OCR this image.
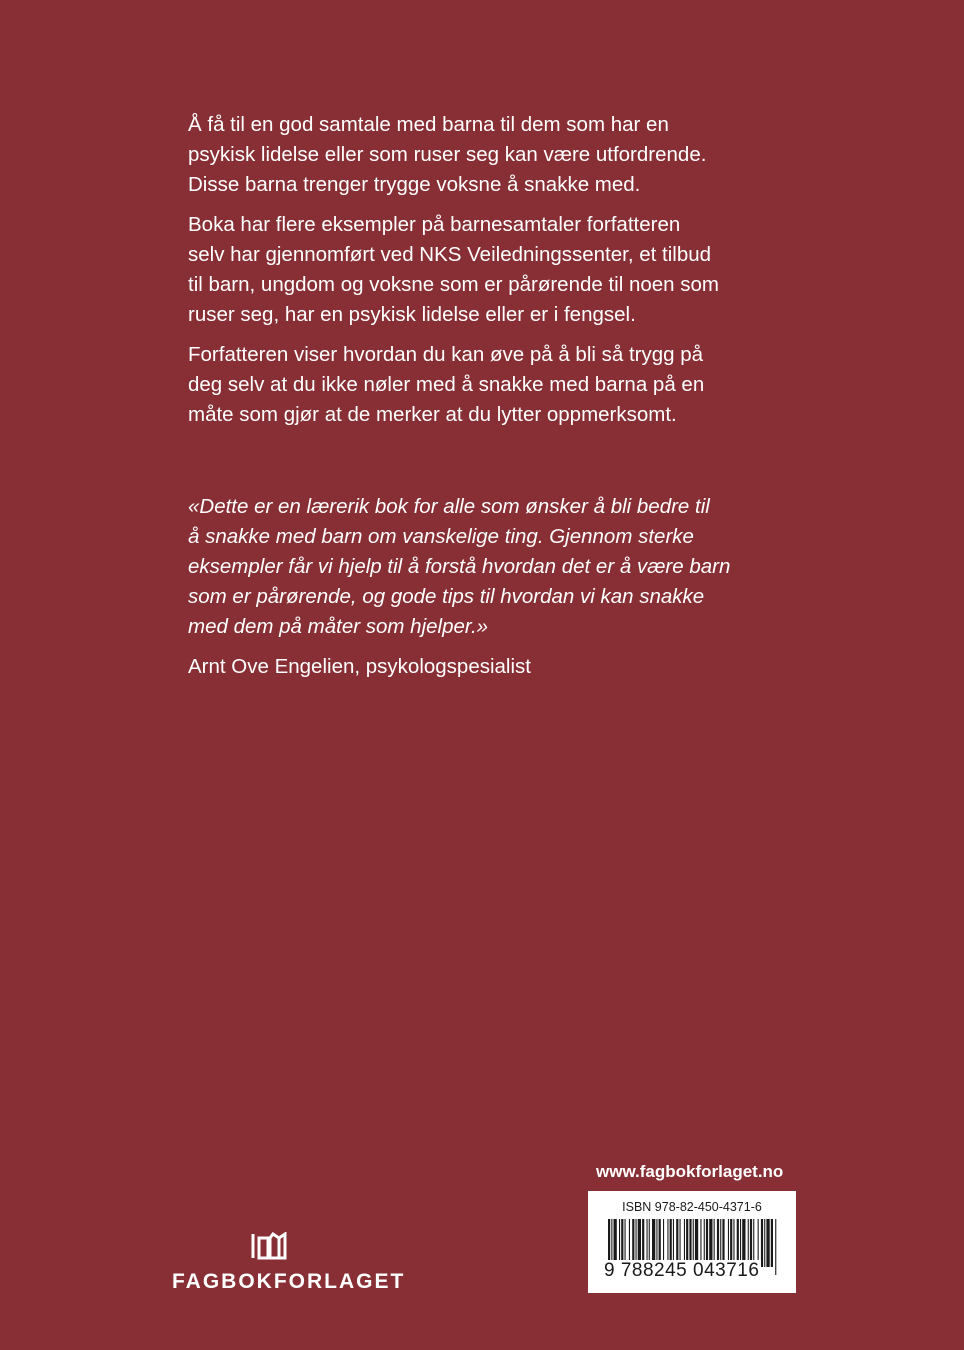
Å få til en god samtale med barna til dem som har en
psykisk lidelse eller som ruser seg kan være utfordrende.
Disse barna trenger trygge voksne å snakke med.

Boka har flere eksempler på barnesamtaler forfatteren
selv har gjennomført ved NKS Veiledningssenter, et tilbud
til barn, ungdom og voksne som er pårørende til noen som
ruser seg, har en psykisk lidelse eller er i fengsel.

Forfatteren viser hvordan du kan øve på å bli så trygg på
deg selv at du ikke nøler med å snakke med barna på en
måte som gjør at de merker at du lytter oppmerksomt.

«Dette er en lærerik bok for alle som ønsker å bli bedre til
å snakke med barn om vanskelige ting. Gjennom sterke
eksempler får vi hjelp til å forstå hvordan det er å være barn
som er pårørende, og gode tips til hvordan vi kan snakke
med dem på måter som hjelper.»

Arnt Ove Engelien, psykologspesialist

www.fagbokforlaget.no
ISBN 978-82-450-4371-6
9 788245 043716
FAGBOKFORLAGET
